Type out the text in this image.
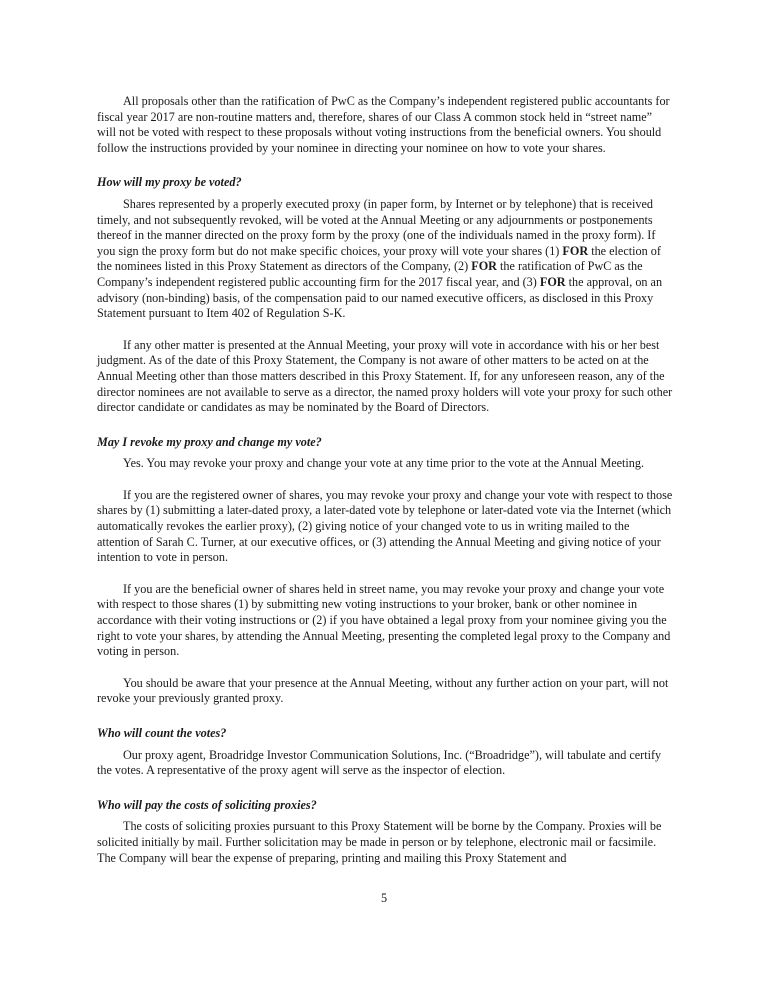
All proposals other than the ratification of PwC as the Company’s independent registered public accountants for fiscal year 2017 are non-routine matters and, therefore, shares of our Class A common stock held in “street name” will not be voted with respect to these proposals without voting instructions from the beneficial owners. You should follow the instructions provided by your nominee in directing your nominee on how to vote your shares.

How will my proxy be voted?

Shares represented by a properly executed proxy (in paper form, by Internet or by telephone) that is received timely, and not subsequently revoked, will be voted at the Annual Meeting or any adjournments or postponements thereof in the manner directed on the proxy form by the proxy (one of the individuals named in the proxy form). If you sign the proxy form but do not make specific choices, your proxy will vote your shares (1) FOR the election of the nominees listed in this Proxy Statement as directors of the Company, (2) FOR the ratification of PwC as the Company’s independent registered public accounting firm for the 2017 fiscal year, and (3) FOR the approval, on an advisory (non-binding) basis, of the compensation paid to our named executive officers, as disclosed in this Proxy Statement pursuant to Item 402 of Regulation S-K.

If any other matter is presented at the Annual Meeting, your proxy will vote in accordance with his or her best judgment. As of the date of this Proxy Statement, the Company is not aware of other matters to be acted on at the Annual Meeting other than those matters described in this Proxy Statement. If, for any unforeseen reason, any of the director nominees are not available to serve as a director, the named proxy holders will vote your proxy for such other director candidate or candidates as may be nominated by the Board of Directors.

May I revoke my proxy and change my vote?

Yes. You may revoke your proxy and change your vote at any time prior to the vote at the Annual Meeting.

If you are the registered owner of shares, you may revoke your proxy and change your vote with respect to those shares by (1) submitting a later-dated proxy, a later-dated vote by telephone or later-dated vote via the Internet (which automatically revokes the earlier proxy), (2) giving notice of your changed vote to us in writing mailed to the attention of Sarah C. Turner, at our executive offices, or (3) attending the Annual Meeting and giving notice of your intention to vote in person.

If you are the beneficial owner of shares held in street name, you may revoke your proxy and change your vote with respect to those shares (1) by submitting new voting instructions to your broker, bank or other nominee in accordance with their voting instructions or (2) if you have obtained a legal proxy from your nominee giving you the right to vote your shares, by attending the Annual Meeting, presenting the completed legal proxy to the Company and voting in person.

You should be aware that your presence at the Annual Meeting, without any further action on your part, will not revoke your previously granted proxy.

Who will count the votes?

Our proxy agent, Broadridge Investor Communication Solutions, Inc. (“Broadridge”), will tabulate and certify the votes. A representative of the proxy agent will serve as the inspector of election.

Who will pay the costs of soliciting proxies?

The costs of soliciting proxies pursuant to this Proxy Statement will be borne by the Company. Proxies will be solicited initially by mail. Further solicitation may be made in person or by telephone, electronic mail or facsimile. The Company will bear the expense of preparing, printing and mailing this Proxy Statement and

5
